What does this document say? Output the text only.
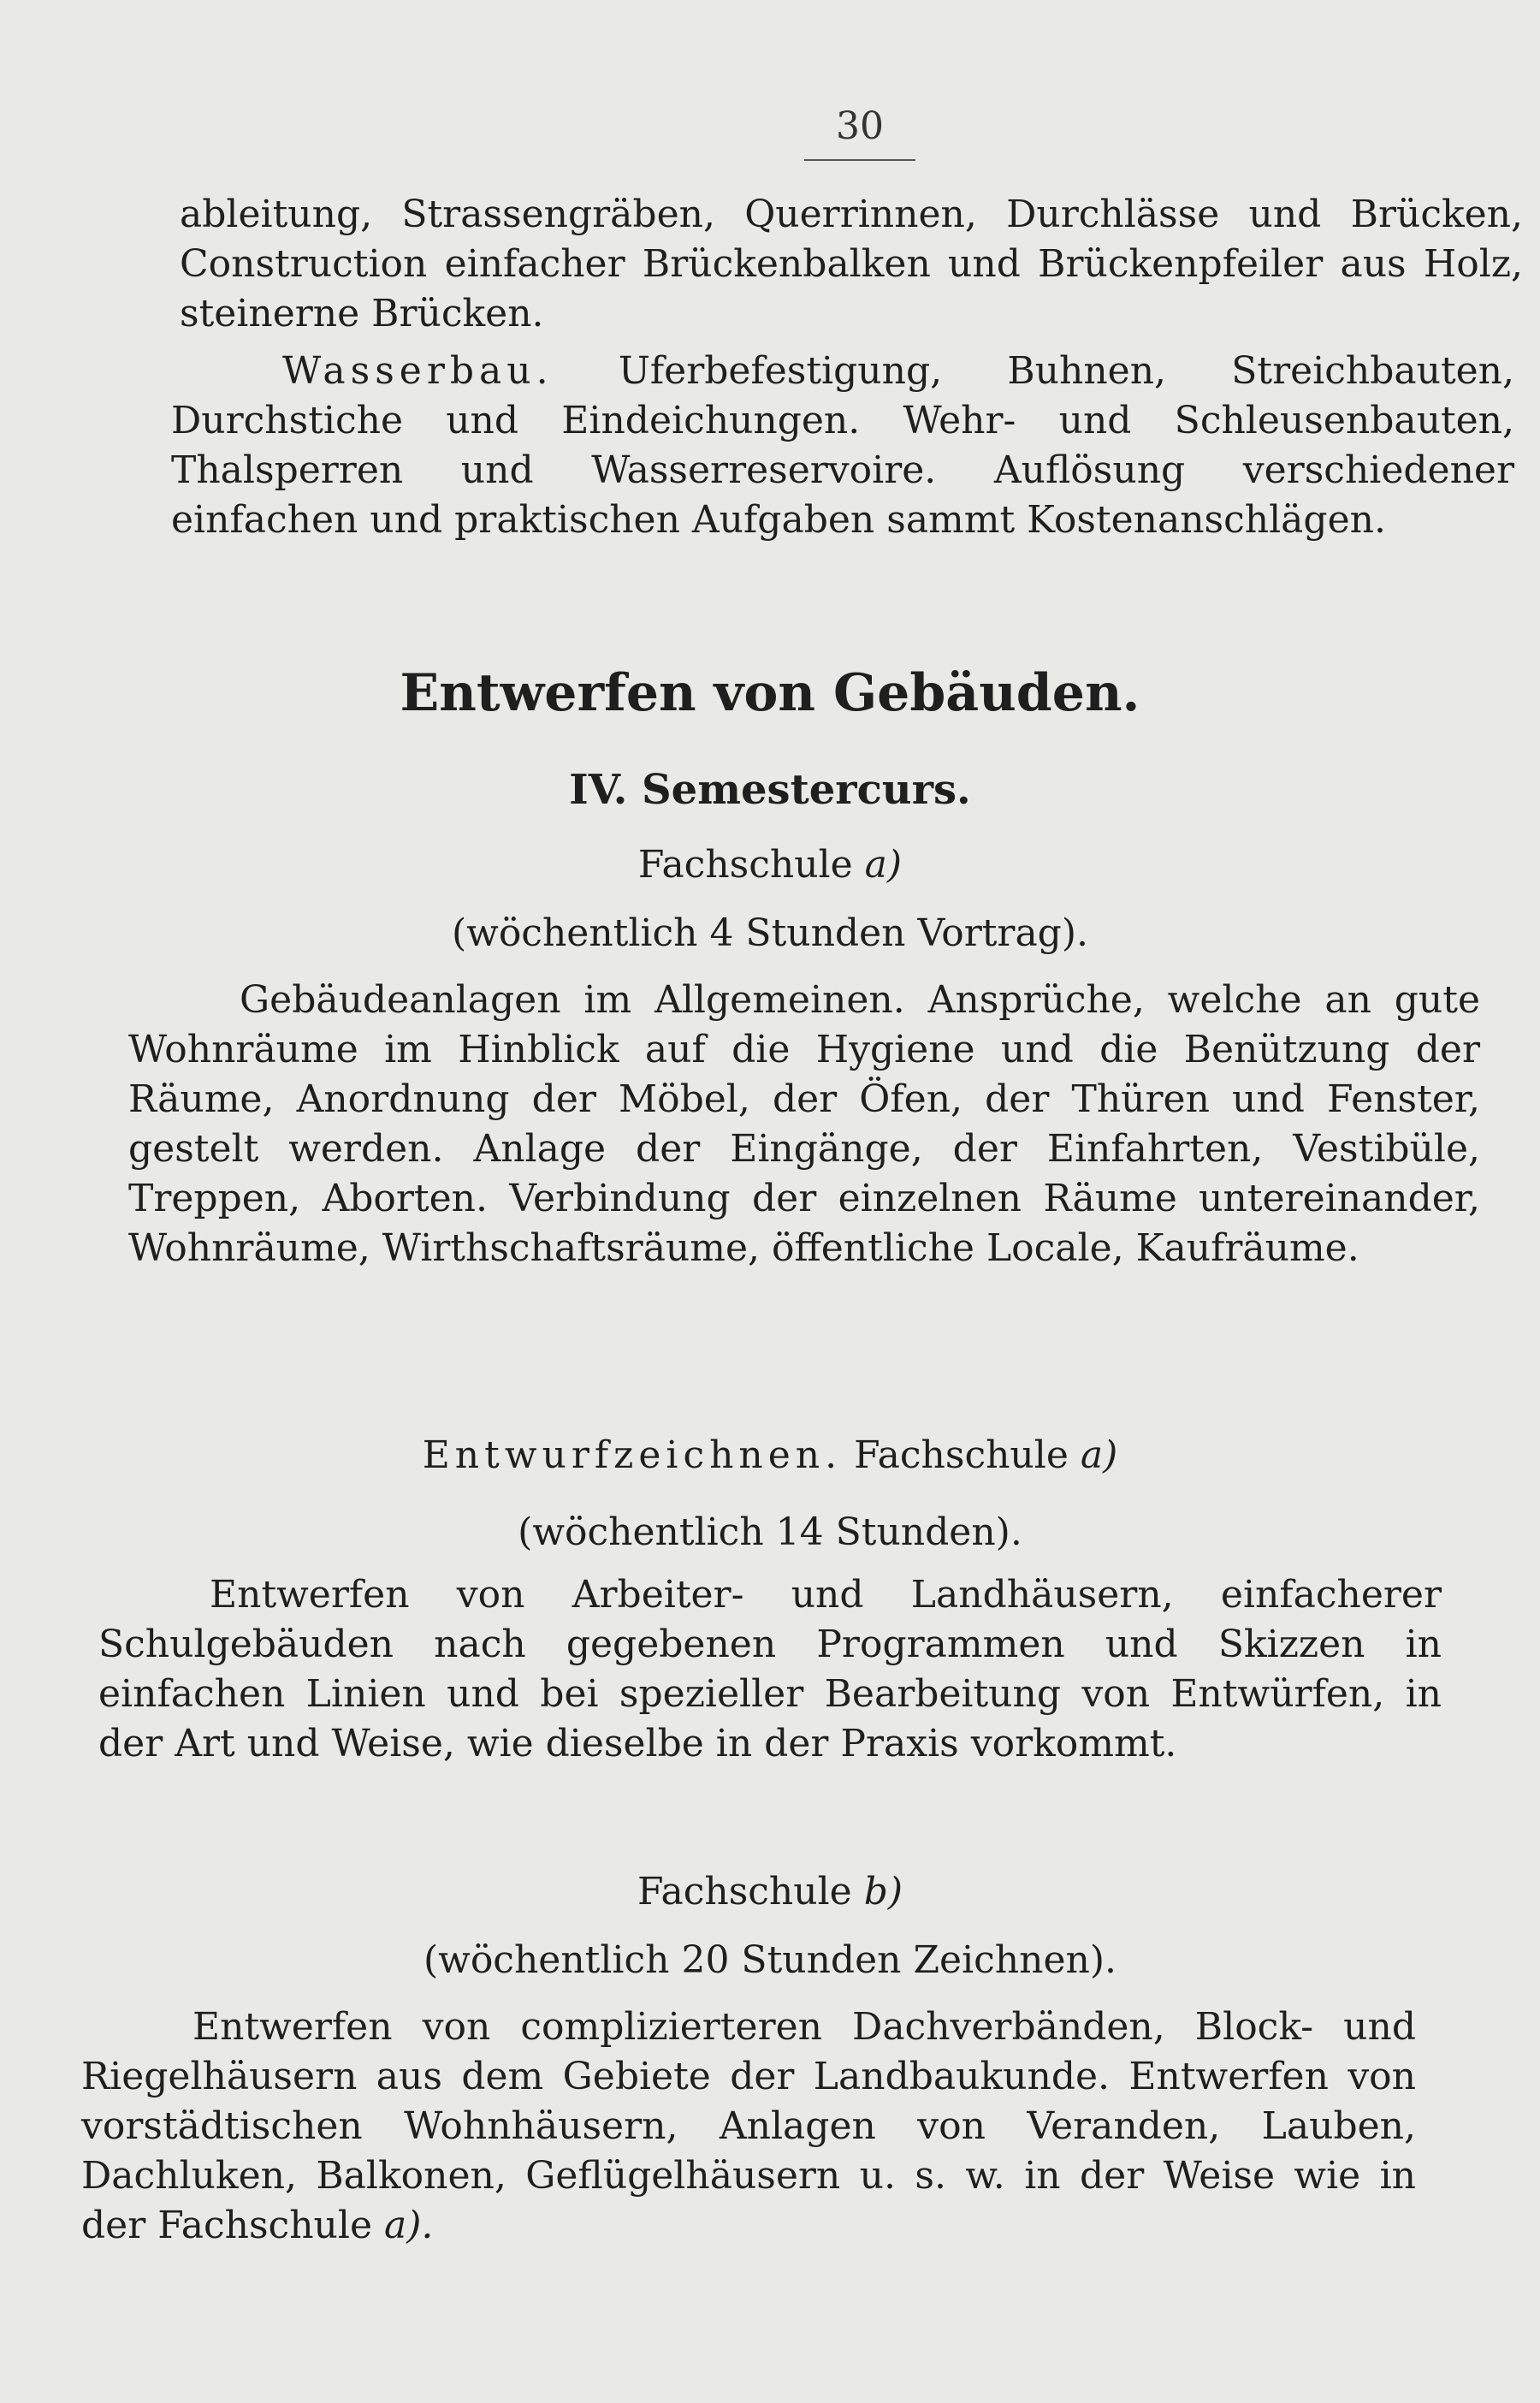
30
ableitung, Strassengräben, Querrinnen, Durchlässe und Brücken, Construction einfacher Brückenbalken und Brückenpfeiler aus Holz, steinerne Brücken.
Wasserbau. Uferbefestigung, Buhnen, Streichbauten, Durchstiche und Eindeichungen. Wehr- und Schleusenbauten, Thalsperren und Wasserreservoire. Auflösung verschiedener einfachen und praktischen Aufgaben sammt Kostenanschlägen.
Entwerfen von Gebäuden.
IV. Semestercurs.
Fachschule a)
(wöchentlich 4 Stunden Vortrag).
Gebäudeanlagen im Allgemeinen. Ansprüche, welche an gute Wohnräume im Hinblick auf die Hygiene und die Benützung der Räume, Anordnung der Möbel, der Öfen, der Thüren und Fenster, gestelt werden. Anlage der Eingänge, der Einfahrten, Vestibüle, Treppen, Aborten. Verbindung der einzelnen Räume untereinander, Wohnräume, Wirthschaftsräume, öffentliche Locale, Kaufräume.
Entwurfzeichnen. Fachschule a)
(wöchentlich 14 Stunden).
Entwerfen von Arbeiter- und Landhäusern, einfacherer Schulgebäuden nach gegebenen Programmen und Skizzen in einfachen Linien und bei spezieller Bearbeitung von Entwürfen, in der Art und Weise, wie dieselbe in der Praxis vorkommt.
Fachschule b)
(wöchentlich 20 Stunden Zeichnen).
Entwerfen von complizierteren Dachverbänden, Block- und Riegelhäusern aus dem Gebiete der Landbaukunde. Entwerfen von vorstädtischen Wohnhäusern, Anlagen von Veranden, Lauben, Dachluken, Balkonen, Geflügelhäusern u. s. w. in der Weise wie in der Fachschule a).
